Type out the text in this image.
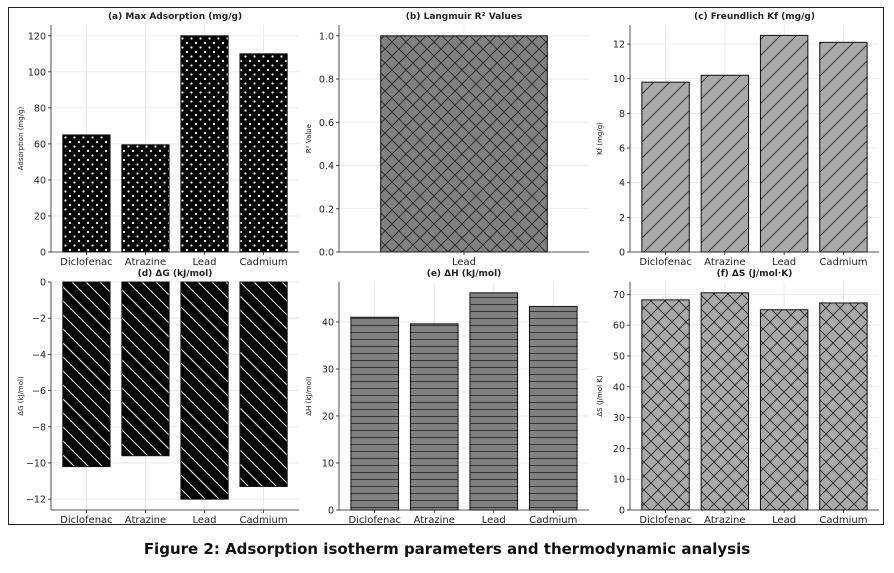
0
20
40
60
80
100
120
Diclofenac Atrazine	Lead Cadmium
(a) Max Adsorption (mg/g)
Adsorption (mg/g)
0.0
0.2
0.4
0.6
0.8
1.0
Lead
(b) Langmuir R² Values
R² Value
0
2
4
6
8
10
12
Diclofenac Atrazine	Lead Cadmium
(c) Freundlich Kf (mg/g)
Kf (mg/g)
0
−2
−4
−6
−8
−10
−12
Diclofenac Atrazine	Lead Cadmium
(d) ΔG (kJ/mol)
ΔG (kJ/mol)
0
10
20
30
40
Diclofenac Atrazine	Lead Cadmium
(e) ΔH (kJ/mol)
ΔH (kJ/mol)
0
10
20
30
40
50
60
70
Diclofenac Atrazine	Lead Cadmium
(f) ΔS (J/mol·K)
ΔS (J/mol K)
Figure 2: Adsorption isotherm parameters and thermodynamic analysis
